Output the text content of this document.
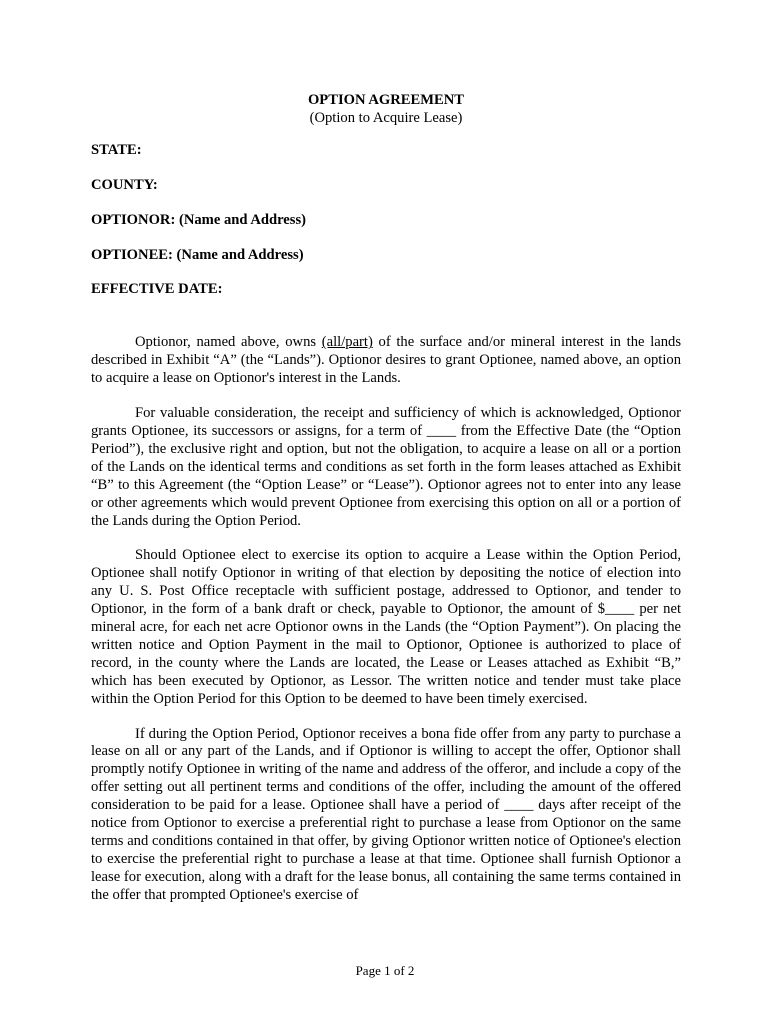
OPTION AGREEMENT
(Option to Acquire Lease)
STATE:
COUNTY:
OPTIONOR: (Name and Address)
OPTIONEE: (Name and Address)
EFFECTIVE DATE:

Optionor, named above, owns (all/part) of the surface and/or mineral interest in the lands described in Exhibit “A” (the “Lands”). Optionor desires to grant Optionee, named above, an option to acquire a lease on Optionor's interest in the Lands.

For valuable consideration, the receipt and sufficiency of which is acknowledged, Optionor grants Optionee, its successors or assigns, for a term of ____ from the Effective Date (the “Option Period”), the exclusive right and option, but not the obligation, to acquire a lease on all or a portion of the Lands on the identical terms and conditions as set forth in the form leases attached as Exhibit “B” to this Agreement (the “Option Lease” or “Lease”). Optionor agrees not to enter into any lease or other agreements which would prevent Optionee from exercising this option on all or a portion of the Lands during the Option Period.

Should Optionee elect to exercise its option to acquire a Lease within the Option Period, Optionee shall notify Optionor in writing of that election by depositing the notice of election into any U. S. Post Office receptacle with sufficient postage, addressed to Optionor, and tender to Optionor, in the form of a bank draft or check, payable to Optionor, the amount of $____ per net mineral acre, for each net acre Optionor owns in the Lands (the “Option Payment”). On placing the written notice and Option Payment in the mail to Optionor, Optionee is authorized to place of record, in the county where the Lands are located, the Lease or Leases attached as Exhibit “B,” which has been executed by Optionor, as Lessor. The written notice and tender must take place within the Option Period for this Option to be deemed to have been timely exercised.

If during the Option Period, Optionor receives a bona fide offer from any party to purchase a lease on all or any part of the Lands, and if Optionor is willing to accept the offer, Optionor shall promptly notify Optionee in writing of the name and address of the offeror, and include a copy of the offer setting out all pertinent terms and conditions of the offer, including the amount of the offered consideration to be paid for a lease. Optionee shall have a period of ____ days after receipt of the notice from Optionor to exercise a preferential right to purchase a lease from Optionor on the same terms and conditions contained in that offer, by giving Optionor written notice of Optionee's election to exercise the preferential right to purchase a lease at that time. Optionee shall furnish Optionor a lease for execution, along with a draft for the lease bonus, all containing the same terms contained in the offer that prompted Optionee's exercise of

Page 1 of 2
